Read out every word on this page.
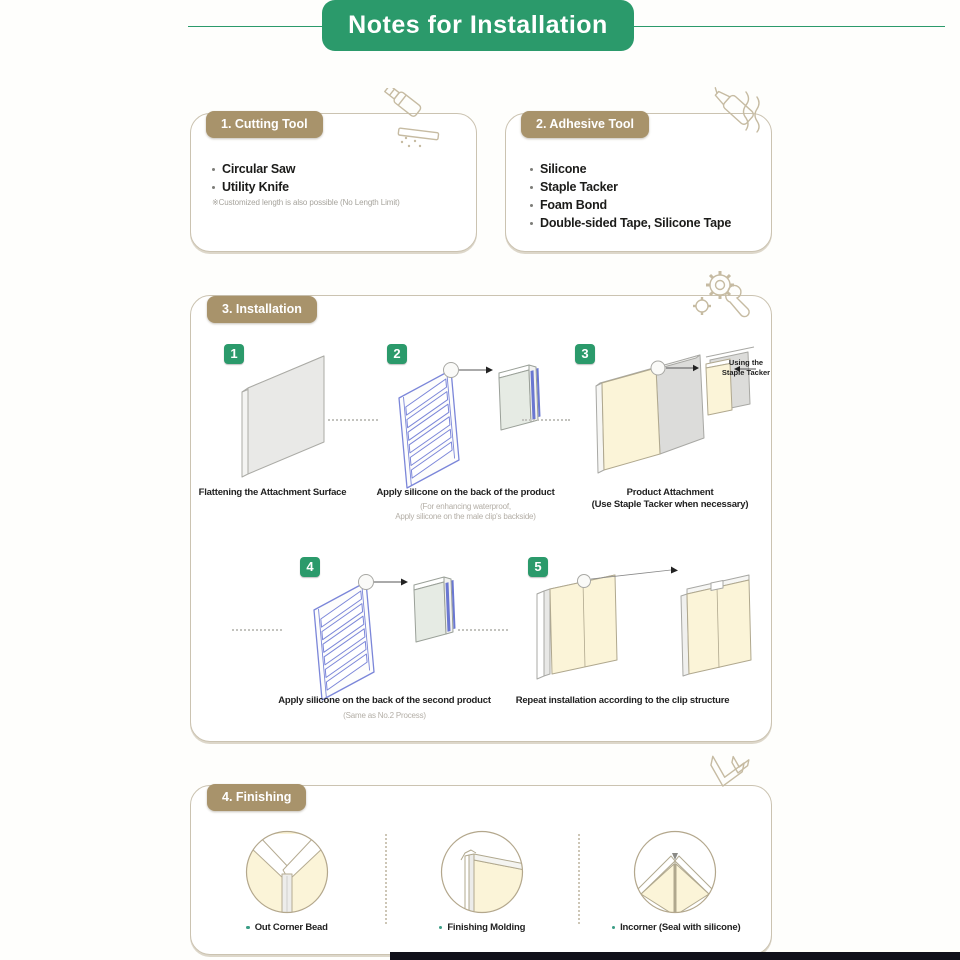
Notes for Installation
1. Cutting Tool
Circular Saw
Utility Knife
※Customized length is also possible (No Length Limit)
2. Adhesive Tool
Silicone
Staple Tacker
Foam Bond
Double-sided Tape, Silicone Tape
3. Installation
1	2	3
4	5
Using the
Staple Tacker
Flattening the Attachment Surface	Apply silicone on the back of the product
(For enhancing waterproof,
Apply silicone on the male clip's backside)
Product Attachment
(Use Staple Tacker when necessary)
Apply silicone on the back of the second product
(Same as No.2 Process)
Repeat installation according to the clip structure
4. Finishing
Out Corner Bead	Finishing Molding	Incorner (Seal with silicone)
